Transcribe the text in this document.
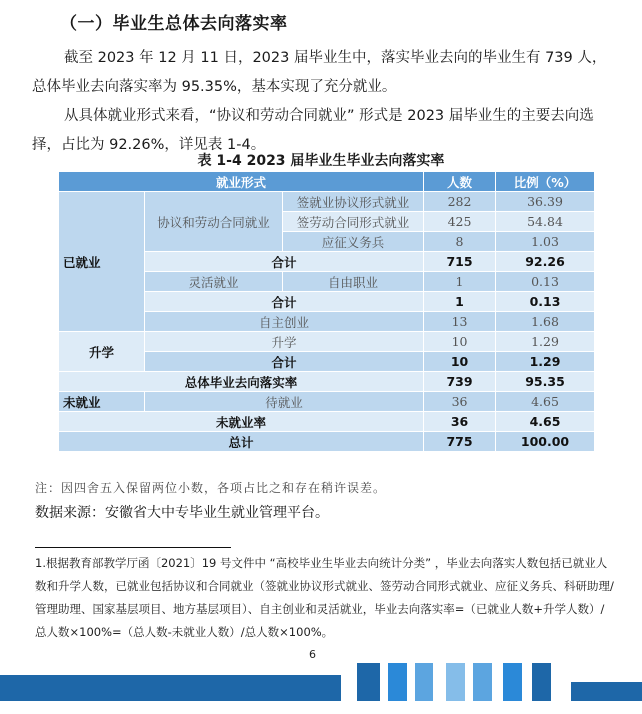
（一）毕业生总体去向落实率
截至 2023 年 12 月 11 日，2023 届毕业生中，落实毕业去向的毕业生有 739 人，总体毕业去向落实率为 95.35%，基本实现了充分就业。
从具体就业形式来看，“协议和劳动合同就业” 形式是 2023 届毕业生的主要去向选择，占比为 92.26%，详见表 1-4。
表 1-4 2023 届毕业生毕业去向落实率
就业形式			人数	比例（%）
已就业	协议和劳动合同就业	签就业协议形式就业	282	36.39
		签劳动合同形式就业	425	54.84
		应征义务兵	8	1.03
	合计		715	92.26
	灵活就业	自由职业	1	0.13
	合计		1	0.13
	自主创业		13	1.68
升学	升学		10	1.29
	合计		10	1.29
总体毕业去向落实率			739	95.35
未就业	待就业		36	4.65
未就业率			36	4.65
总计			775	100.00
注：因四舍五入保留两位小数，各项占比之和存在稍许误差。
数据来源：安徽省大中专毕业生就业管理平台。
1.根据教育部教学厅函〔2021〕19 号文件中 “高校毕业生毕业去向统计分类” ，毕业去向落实人数包括已就业人数和升学人数，已就业包括协议和合同就业（签就业协议形式就业、签劳动合同形式就业、应征义务兵、科研助理/管理助理、国家基层项目、地方基层项目）、自主创业和灵活就业，毕业去向落实率=（已就业人数+升学人数）/总人数×100%=（总人数-未就业人数）/总人数×100%。
6
